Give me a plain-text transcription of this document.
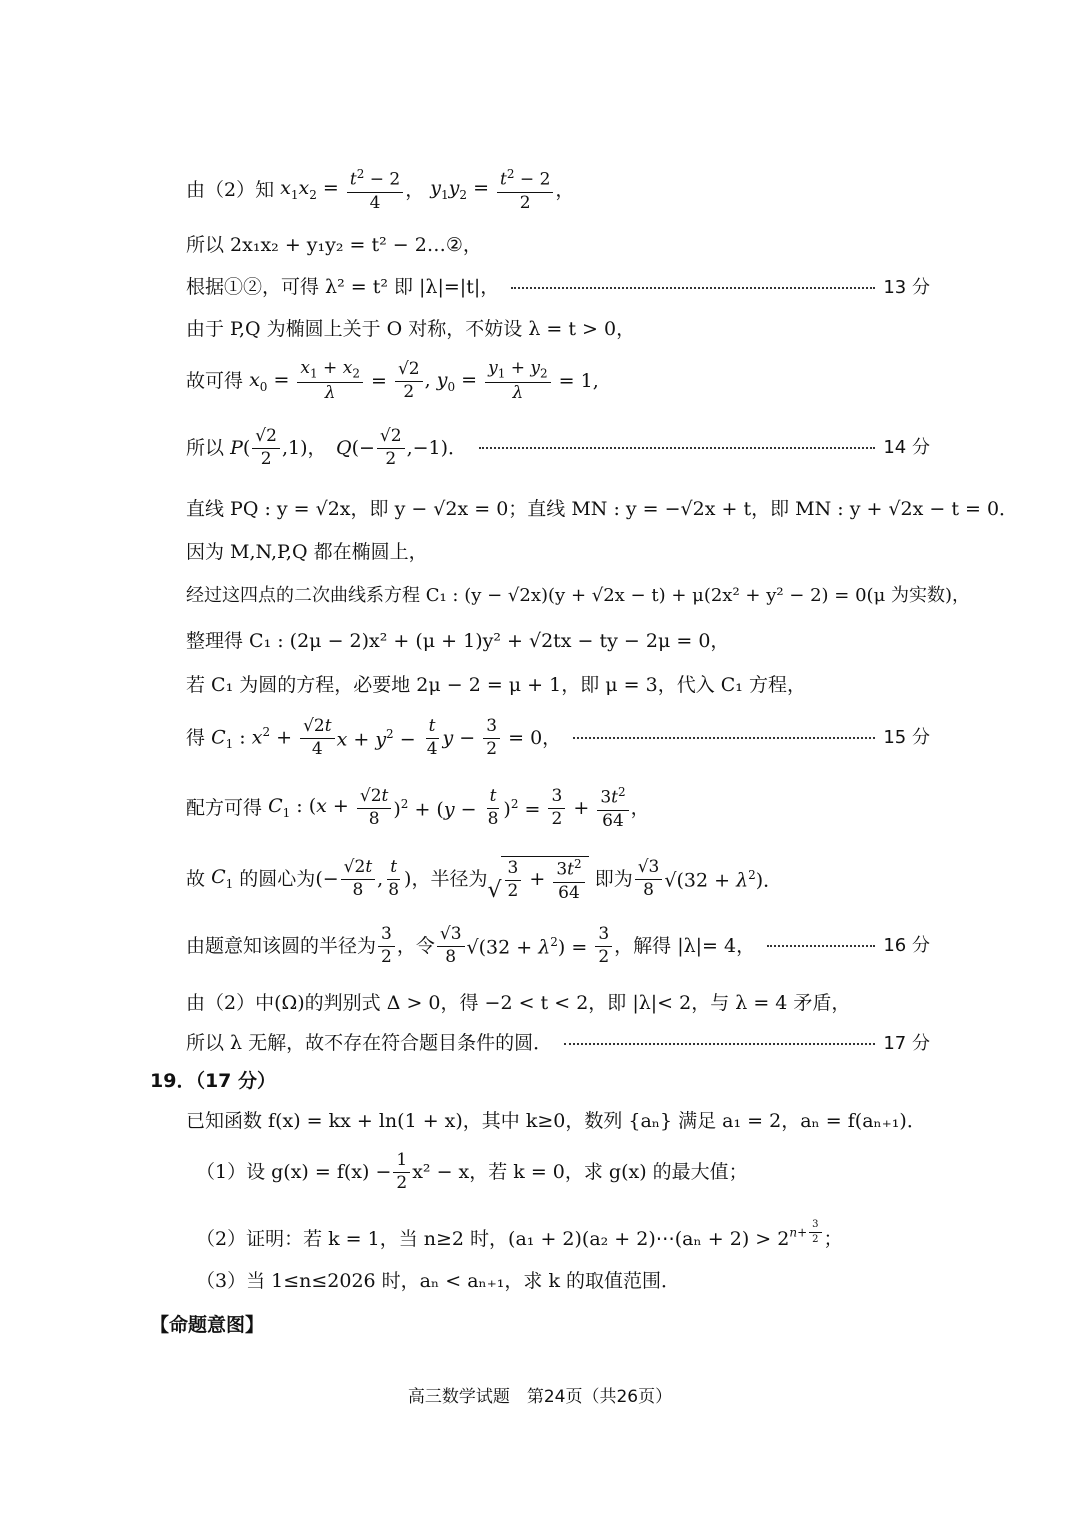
由（2）知 $x_1x_2 = \frac{t^2 - 2}{4}$ ， $y_1y_2 = \frac{t^2 - 2}{2}$ ，
所以 2x₁x₂ + y₁y₂ = t² − 2…②，
根据①②，可得 λ² = t² 即 |λ|=|t|，	13 分
由于 P,Q 为椭圆上关于 O 对称，不妨设 λ = t > 0，
故可得 $x_0 = \frac{x_1 + x_2}{\lambda} = \frac{√2}{2}$ , $y_0 = \frac{y_1 + y_2}{\lambda} = 1$,
所以 $P( \frac{√2}{2} ,1)$，　$Q(- \frac{√2}{2} ,-1)$．	14 分
直线 PQ : y = √2x，即 y − √2x = 0；直线 MN : y = −√2x + t，即 MN : y + √2x − t = 0．
因为 M,N,P,Q 都在椭圆上，
经过这四点的二次曲线系方程 C₁ : (y − √2x)(y + √2x − t) + μ(2x² + y² − 2) = 0(μ 为实数)，
整理得 C₁ : (2μ − 2)x² + (μ + 1)y² + √2tx − ty − 2μ = 0，
若 C₁ 为圆的方程，必要地 2μ − 2 = μ + 1，即 μ = 3，代入 C₁ 方程，
得 $C_1$ : $x^2 + \frac{√2t}{4}$ $x + y^2 - \frac{t}{4}$ $y - \frac{3}{2} = 0$，	15 分
配方可得 $C_1$ : $(x + \frac{√2t}{8} )^2 + (y - \frac{t}{8} )^2 = \frac{3}{2} + \frac{3t^2}{64}$ ，
故 $C_1$ 的圆心为 (− $\frac{√2t}{8}$ , $\frac{t}{8}$ ) ，半径为 √ $\frac{3}{2} + \frac{3t^2}{64}$
即为 $\frac{√3}{8} √(32 + \lambda^2)$．
由题意知该圆的半径为 $\frac{3}{2}$ ，令 $\frac{√3}{8} √(32 + \lambda^2) = \frac{3}{2}$ ，解得 |λ|= 4，	16 分
由（2）中(Ω)的判别式 Δ > 0，得 −2 < t < 2，即 |λ|< 2，与 λ = 4 矛盾，
所以 λ 无解，故不存在符合题目条件的圆．	17 分
19．（17 分）
已知函数 f(x) = kx + ln(1 + x)，其中 k≥0，数列 {aₙ} 满足 a₁ = 2，aₙ = f(aₙ₊₁)．
（1）设 $g(x) = f(x) - \frac{1}{2} x^2 - x$，若 k = 0，求 g(x) 的最大值；
（2）证明：若 k = 1，当 n≥2 时，(a₁ + 2)(a₂ + 2)⋯(aₙ + 2) > 2 $^{n+ \frac{3}{2}}$ ；
（3）当 1≤n≤2026 时，aₙ < aₙ₊₁，求 k 的取值范围．
【命题意图】
高三数学试题　第24页（共26页）
